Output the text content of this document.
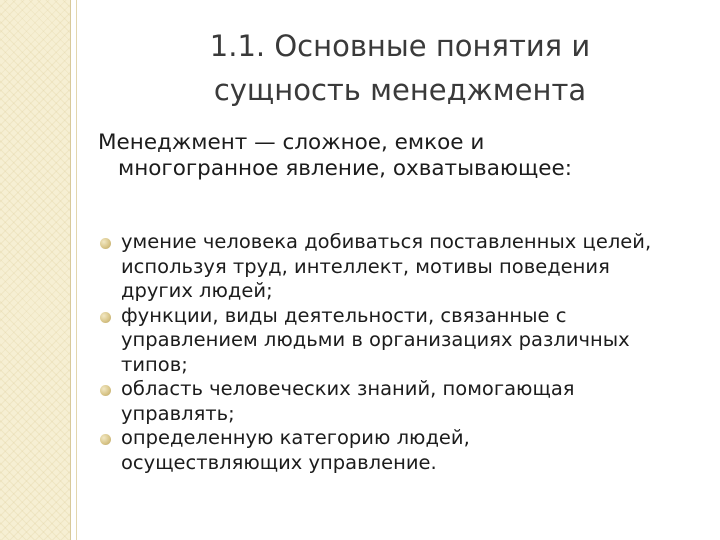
1.1. Основные понятия и
сущность менеджмента

Менеджмент — сложное, емкое и
многогранное явление, охватывающее:

умение человека добиваться поставленных целей,
используя труд, интеллект, мотивы поведения
других людей;
функции, виды деятельности, связанные с
управлением людьми в организациях различных
типов;
область человеческих знаний, помогающая
управлять;
определенную категорию людей,
осуществляющих управление.
